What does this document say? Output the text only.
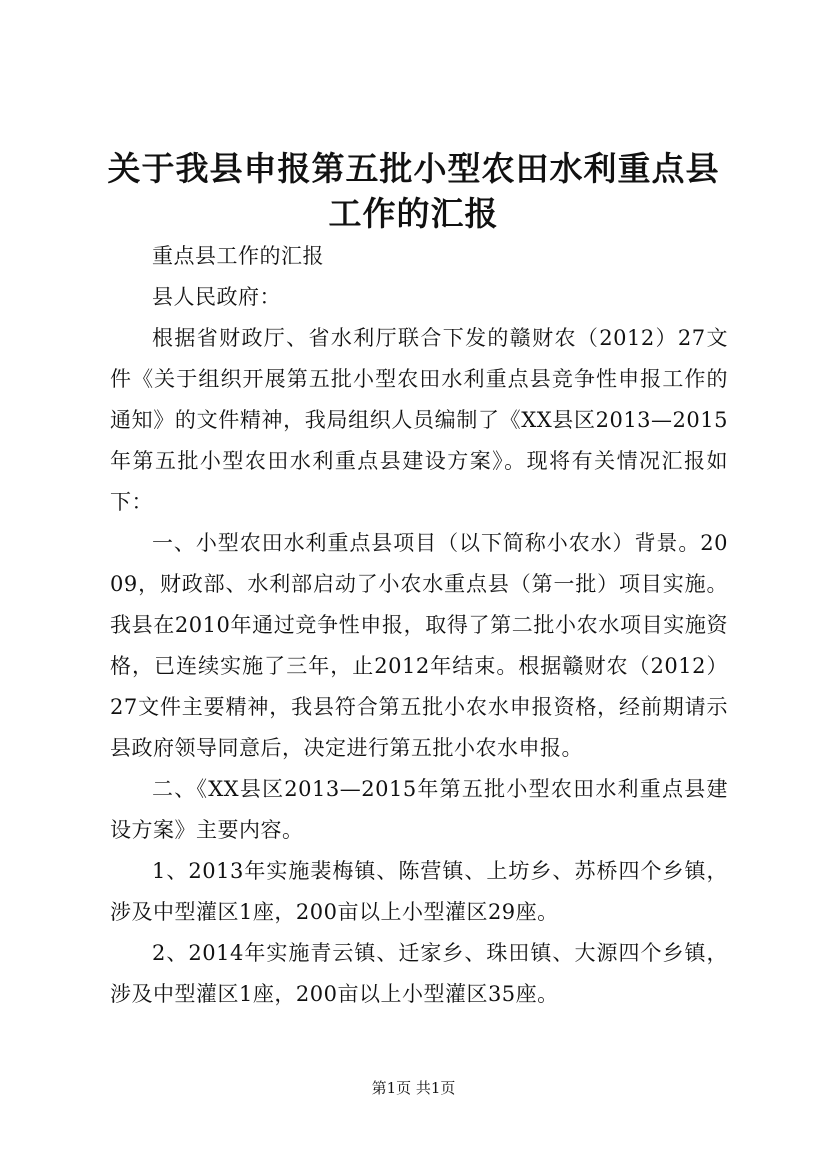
关于我县申报第五批小型农田水利重点县工作的汇报

重点县工作的汇报

县人民政府：

根据省财政厅、省水利厅联合下发的赣财农（2012）27文件《关于组织开展第五批小型农田水利重点县竞争性申报工作的通知》的文件精神，我局组织人员编制了《XX县区2013—2015年第五批小型农田水利重点县建设方案》。现将有关情况汇报如下：

一、小型农田水利重点县项目（以下简称小农水）背景。2009，财政部、水利部启动了小农水重点县（第一批）项目实施。我县在2010年通过竞争性申报，取得了第二批小农水项目实施资格，已连续实施了三年，止2012年结束。根据赣财农（2012）27文件主要精神，我县符合第五批小农水申报资格，经前期请示县政府领导同意后，决定进行第五批小农水申报。

二、《XX县区2013—2015年第五批小型农田水利重点县建设方案》主要内容。

1、2013年实施裴梅镇、陈营镇、上坊乡、苏桥四个乡镇，涉及中型灌区1座，200亩以上小型灌区29座。

2、2014年实施青云镇、迁家乡、珠田镇、大源四个乡镇，涉及中型灌区1座，200亩以上小型灌区35座。

第1页 共1页
